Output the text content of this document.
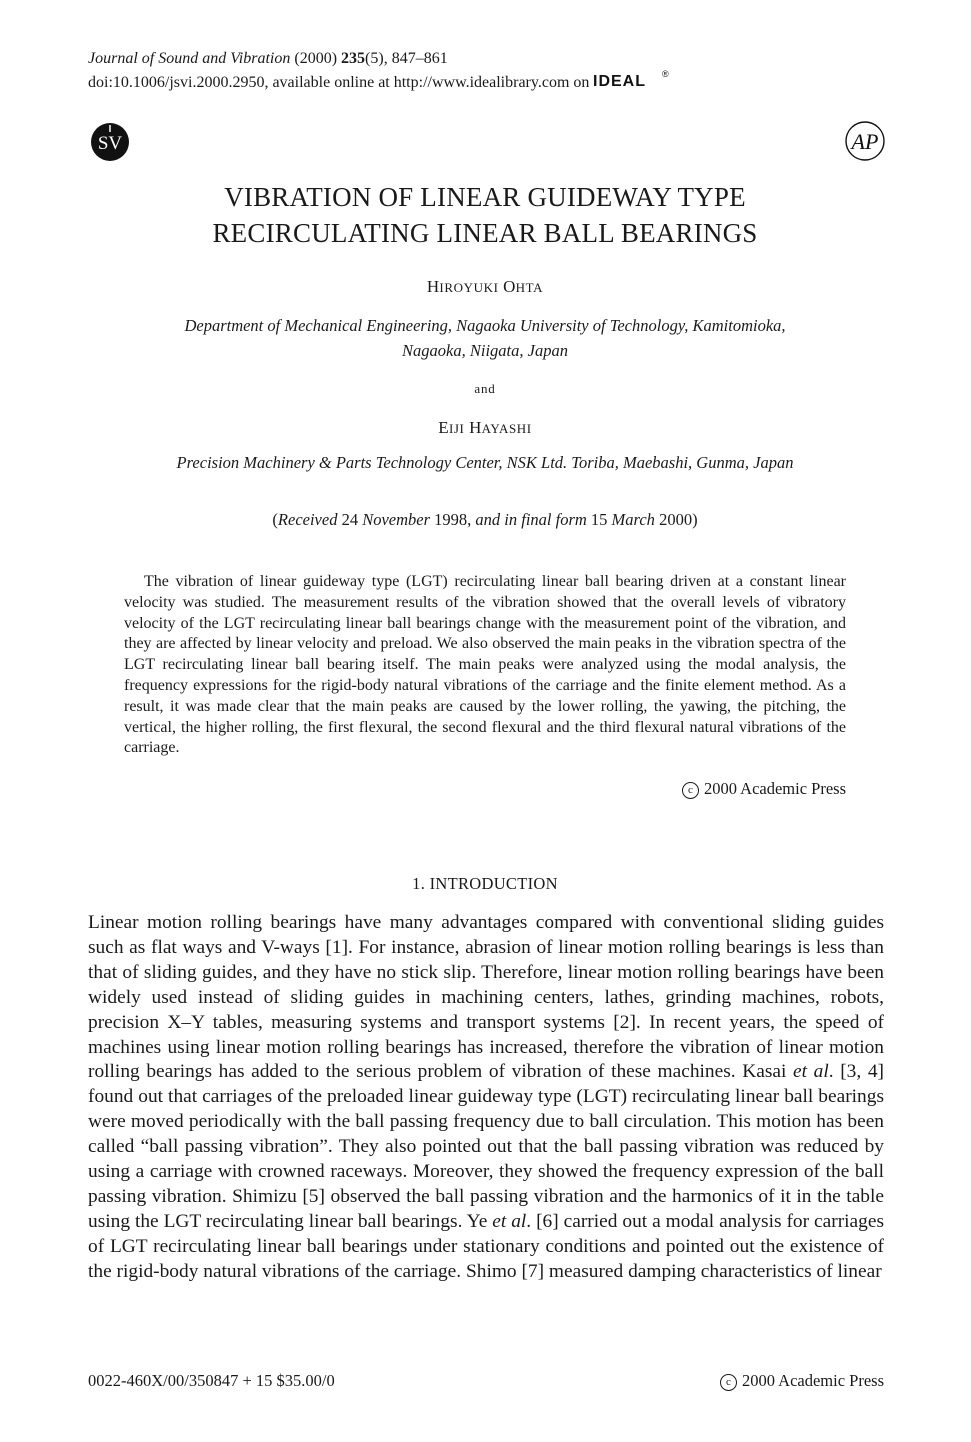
Journal of Sound and Vibration (2000) 235(5), 847–861
doi:10.1006/jsvi.2000.2950, available online at http://www.idealibrary.com on IDEAL ®
SV	AP
VIBRATION OF LINEAR GUIDEWAY TYPE
RECIRCULATING LINEAR BALL BEARINGS
HIROYUKI OHTA
Department of Mechanical Engineering, Nagaoka University of Technology, Kamitomioka,
Nagaoka, Niigata, Japan
and
EIJI HAYASHI
Precision Machinery & Parts Technology Center, NSK Ltd. Toriba, Maebashi, Gunma, Japan
(Received 24 November 1998, and in final form 15 March 2000)
The vibration of linear guideway type (LGT) recirculating linear ball bearing driven at a constant linear velocity was studied. The measurement results of the vibration showed that the overall levels of vibratory velocity of the LGT recirculating linear ball bearings change with the measurement point of the vibration, and they are affected by linear velocity and preload. We also observed the main peaks in the vibration spectra of the LGT recirculating linear ball bearing itself. The main peaks were analyzed using the modal analysis, the frequency expressions for the rigid-body natural vibrations of the carriage and the finite element method. As a result, it was made clear that the main peaks are caused by the lower rolling, the yawing, the pitching, the vertical, the higher rolling, the first flexural, the second flexural and the third flexural natural vibrations of the carriage.
c 2000 Academic Press
1. INTRODUCTION
Linear motion rolling bearings have many advantages compared with conventional sliding guides such as flat ways and V-ways [1]. For instance, abrasion of linear motion rolling bearings is less than that of sliding guides, and they have no stick slip. Therefore, linear motion rolling bearings have been widely used instead of sliding guides in machining centers, lathes, grinding machines, robots, precision X–Y tables, measuring systems and transport systems [2]. In recent years, the speed of machines using linear motion rolling bearings has increased, therefore the vibration of linear motion rolling bearings has added to the serious problem of vibration of these machines. Kasai et al. [3, 4] found out that carriages of the preloaded linear guideway type (LGT) recirculating linear ball bearings were moved periodically with the ball passing frequency due to ball circulation. This motion has been called “ball passing vibration”. They also pointed out that the ball passing vibration was reduced by using a carriage with crowned raceways. Moreover, they showed the frequency expression of the ball passing vibration. Shimizu [5] observed the ball passing vibration and the harmonics of it in the table using the LGT recirculating linear ball bearings. Ye et al. [6] carried out a modal analysis for carriages of LGT recirculating linear ball bearings under stationary conditions and pointed out the existence of the rigid-body natural vibrations of the carriage. Shimo [7] measured damping characteristics of linear
0022-460X/00/350847 + 15 $35.00/0	c 2000 Academic Press
